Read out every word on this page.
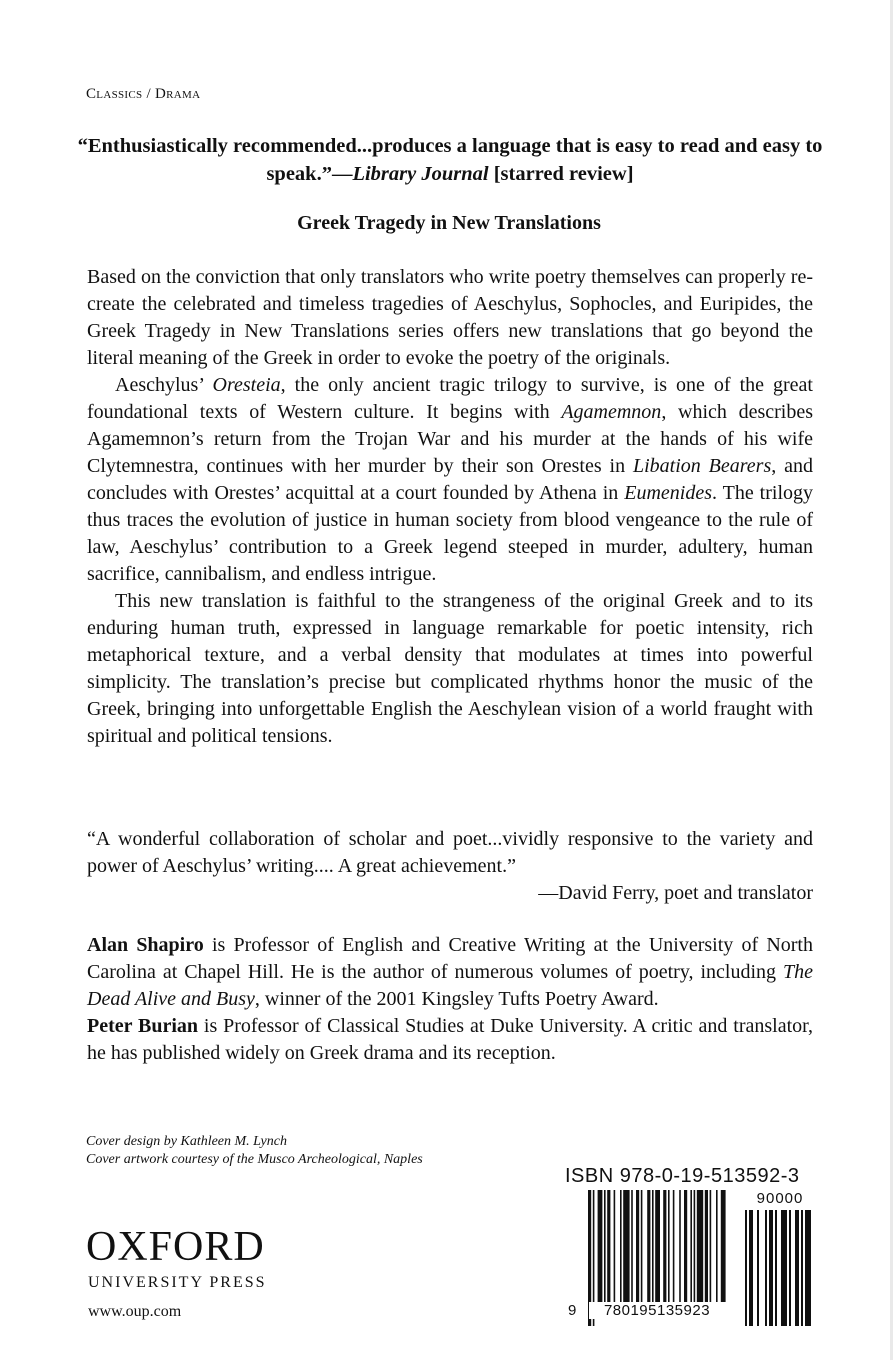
Classics / Drama
“Enthusiastically recommended...produces a language that is easy to read and easy to speak.”—Library Journal [starred review]
Greek Tragedy in New Translations

Based on the conviction that only translators who write poetry themselves can properly re-create the celebrated and timeless tragedies of Aeschylus, Sophocles, and Euripides, the Greek Tragedy in New Translations series offers new translations that go beyond the literal meaning of the Greek in order to evoke the poetry of the originals.

Aeschylus’ Oresteia, the only ancient tragic trilogy to survive, is one of the great foundational texts of Western culture. It begins with Agamemnon, which describes Agamemnon’s return from the Trojan War and his murder at the hands of his wife Clytemnestra, continues with her murder by their son Orestes in Libation Bearers, and concludes with Orestes’ acquittal at a court founded by Athena in Eumenides. The trilogy thus traces the evolution of justice in human society from blood vengeance to the rule of law, Aeschylus’ contribution to a Greek legend steeped in murder, adultery, human sacrifice, cannibalism, and endless intrigue.

This new translation is faithful to the strangeness of the original Greek and to its enduring human truth, expressed in language remarkable for poetic intensity, rich metaphorical texture, and a verbal density that modulates at times into powerful simplicity. The translation’s precise but complicated rhythms honor the music of the Greek, bringing into unforgettable English the Aeschylean vision of a world fraught with spiritual and political tensions.

“A wonderful collaboration of scholar and poet...vividly responsive to the variety and power of Aeschylus’ writing.... A great achievement.”
—David Ferry, poet and translator

Alan Shapiro is Professor of English and Creative Writing at the University of North Carolina at Chapel Hill. He is the author of numerous volumes of poetry, including The Dead Alive and Busy, winner of the 2001 Kingsley Tufts Poetry Award.

Peter Burian is Professor of Classical Studies at Duke University. A critic and translator, he has published widely on Greek drama and its reception.

Cover design by Kathleen M. Lynch
Cover artwork courtesy of the Musco Archeological, Naples
OXFORD
UNIVERSITY PRESS
www.oup.com
ISBN 978-0-19-513592-3
9	780195135923
90000
